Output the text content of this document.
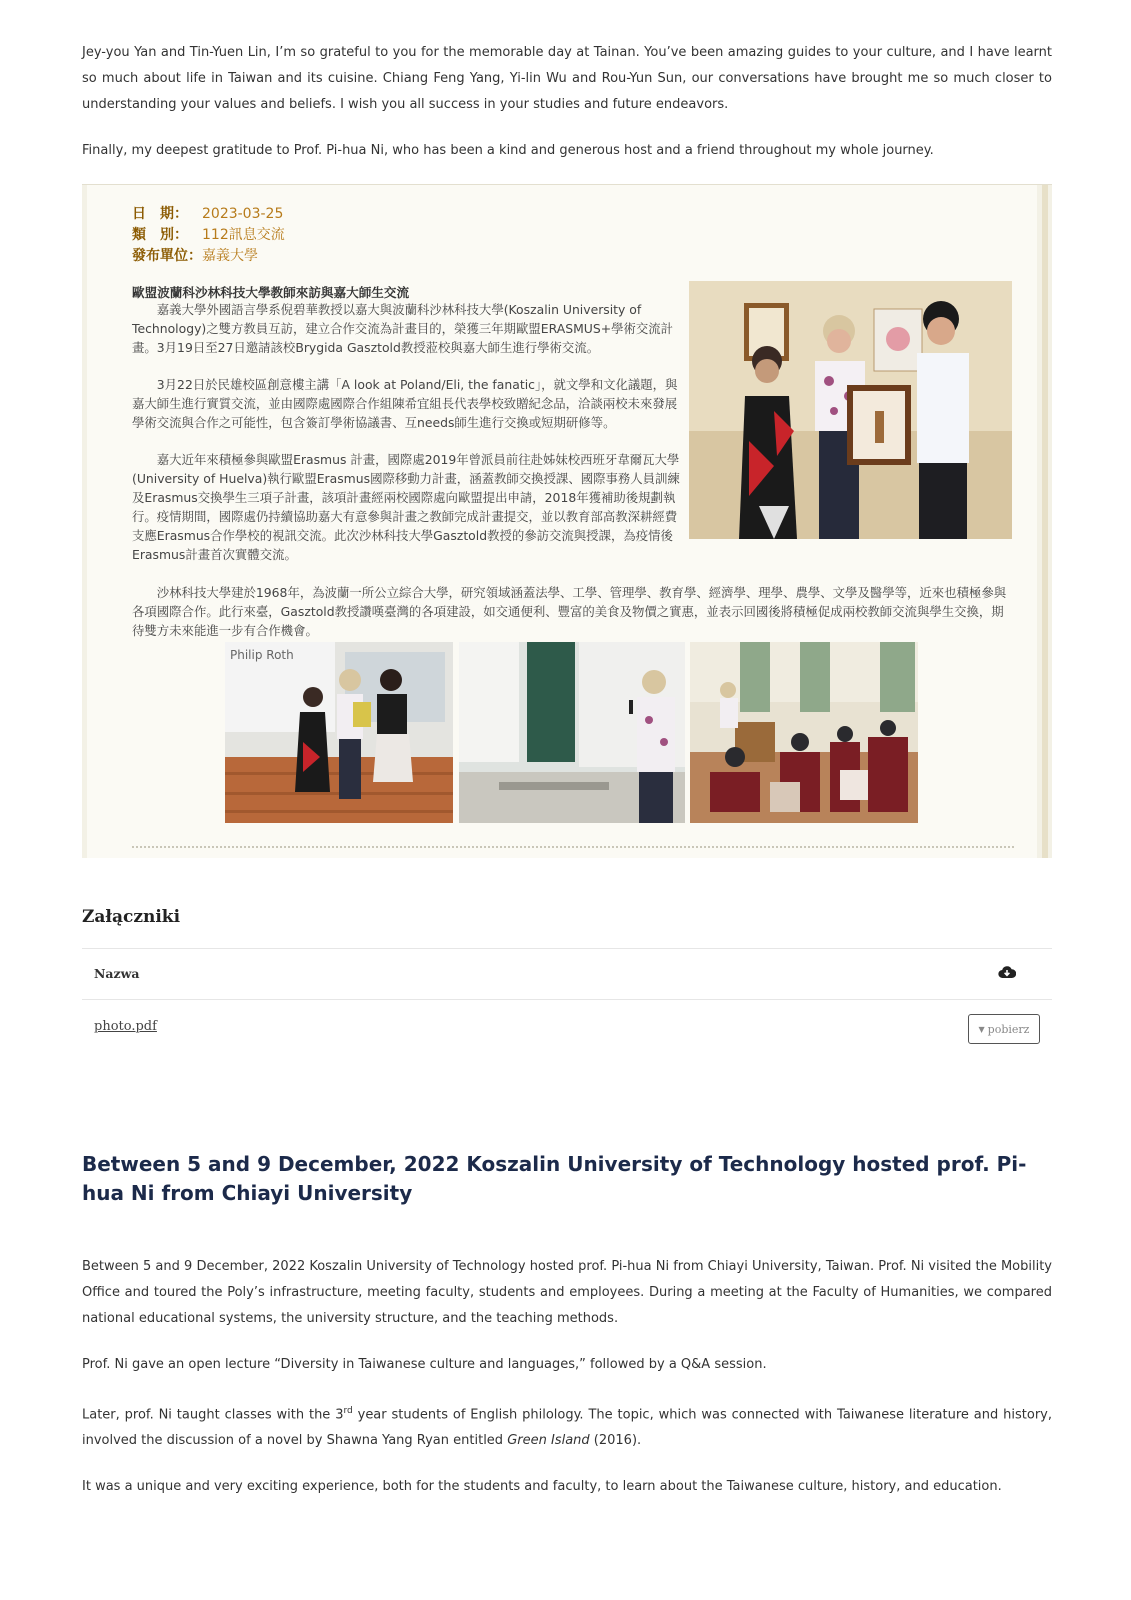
Jey-you Yan and Tin-Yuen Lin, I’m so grateful to you for the memorable day at Tainan. You’ve been amazing guides to your culture, and I have learnt so much about life in Taiwan and its cuisine. Chiang Feng Yang, Yi-lin Wu and Rou-Yun Sun, our conversations have brought me so much closer to understanding your values and beliefs. I wish you all success in your studies and future endeavors.

Finally, my deepest gratitude to Prof. Pi-hua Ni, who has been a kind and generous host and a friend throughout my whole journey.

日　期： 2023-03-25
類　別： 112訊息交流
發布單位：嘉義大學
歐盟波蘭科沙林科技大學教師來訪與嘉大師生交流
　　嘉義大學外國語言學系倪碧華教授以嘉大與波蘭科沙林科技大學(Koszalin University of Technology)之雙方教員互訪，建立合作交流為計畫目的，榮獲三年期歐盟ERASMUS+學術交流計畫。3月19日至27日邀請該校Brygida Gasztold教授蒞校與嘉大師生進行學術交流。
　　3月22日於民雄校區創意樓主講「A look at Poland/Eli, the fanatic」，就文學和文化議題，與嘉大師生進行實質交流，並由國際處國際合作組陳希宜組長代表學校致贈紀念品，洽談兩校未來發展學術交流與合作之可能性，包含簽訂學術協議書、互needs師生進行交換或短期研修等。
　　嘉大近年來積極參與歐盟Erasmus 計畫，國際處2019年曾派員前往赴姊妹校西班牙韋爾瓦大學(University of Huelva)執行歐盟Erasmus國際移動力計畫，涵蓋教師交換授課、國際事務人員訓練及Erasmus交換學生三項子計畫，該項計畫經兩校國際處向歐盟提出申請，2018年獲補助後規劃執行。疫情期間，國際處仍持續協助嘉大有意參與計畫之教師完成計畫提交，並以教育部高教深耕經費支應Erasmus合作學校的視訊交流。此次沙林科技大學Gasztold教授的參訪交流與授課，為疫情後Erasmus計畫首次實體交流。
　　沙林科技大學建於1968年，為波蘭一所公立綜合大學，研究領域涵蓋法學、工學、管理學、教育學、經濟學、理學、農學、文學及醫學等，近來也積極參與各項國際合作。此行來臺，Gasztold教授讚嘆臺灣的各項建設，如交通便利、豐富的美食及物價之實惠，並表示回國後將積極促成兩校教師交流與學生交換，期待雙方未來能進一步有合作機會。
Philip Roth
Załączniki
Nazwa
photo.pdf	▼ pobierz
Between 5 and 9 December, 2022 Koszalin University of Technology hosted prof. Pi-hua Ni from Chiayi University

Between 5 and 9 December, 2022 Koszalin University of Technology hosted prof. Pi-hua Ni from Chiayi University, Taiwan. Prof. Ni visited the Mobility Office and toured the Poly’s infrastructure, meeting faculty, students and employees. During a meeting at the Faculty of Humanities, we compared national educational systems, the university structure, and the teaching methods.

Prof. Ni gave an open lecture “Diversity in Taiwanese culture and languages,” followed by a Q&A session.

Later, prof. Ni taught classes with the 3rd year students of English philology. The topic, which was connected with Taiwanese literature and history, involved the discussion of a novel by Shawna Yang Ryan entitled Green Island (2016).

It was a unique and very exciting experience, both for the students and faculty, to learn about the Taiwanese culture, history, and education.
